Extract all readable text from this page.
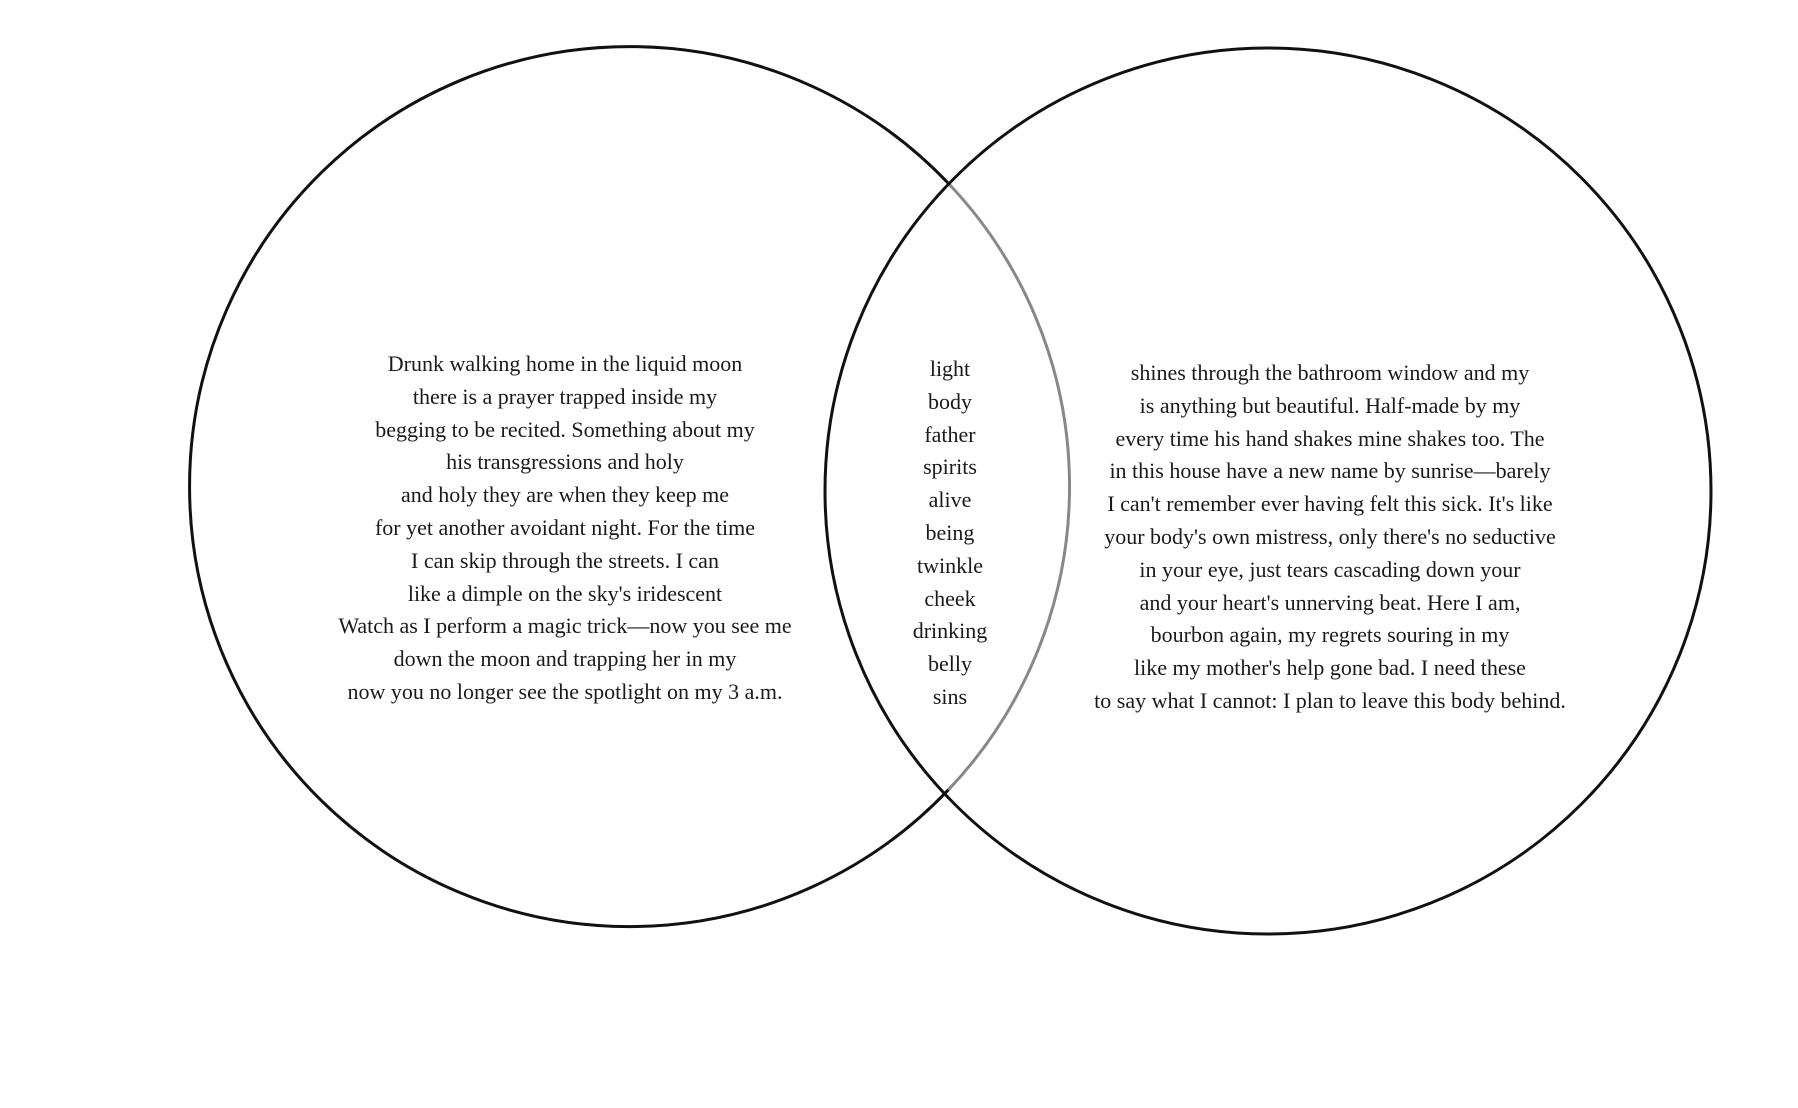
Drunk walking home in the liquid moon
there is a prayer trapped inside my
begging to be recited. Something about my
his transgressions and holy
and holy they are when they keep me
for yet another avoidant night. For the time
I can skip through the streets. I can
like a dimple on the sky's iridescent
Watch as I perform a magic trick—now you see me
down the moon and trapping her in my
now you no longer see the spotlight on my 3 a.m.
light
body
father
spirits
alive
being
twinkle
cheek
drinking
belly
sins
shines through the bathroom window and my
is anything but beautiful. Half-made by my
every time his hand shakes mine shakes too. The
in this house have a new name by sunrise—barely
I can't remember ever having felt this sick. It's like
your body's own mistress, only there's no seductive
in your eye, just tears cascading down your
and your heart's unnerving beat. Here I am,
bourbon again, my regrets souring in my
like my mother's help gone bad. I need these
to say what I cannot: I plan to leave this body behind.
